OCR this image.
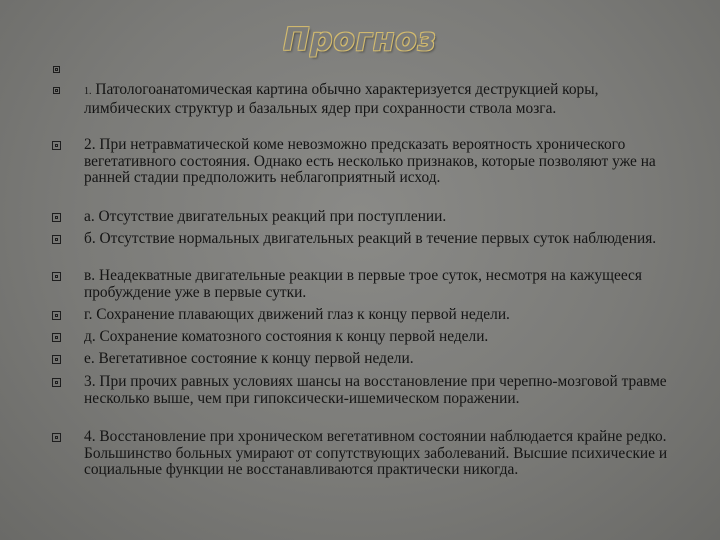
Прогноз
1. Патологоанатомическая картина обычно характеризуется деструкцией коры, лимбических структур и базальных ядер при сохранности ствола мозга.
2. При нетравматической коме невозможно предсказать вероятность хронического вегетативного состояния. Однако есть несколько признаков, которые позволяют уже на ранней стадии предположить неблагоприятный исход.
а. Отсутствие двигательных реакций при поступлении.
б. Отсутствие нормальных двигательных реакций в течение первых суток наблюдения.
в. Неадекватные двигательные реакции в первые трое суток, несмотря на кажущееся пробуждение уже в первые сутки.
г. Сохранение плавающих движений глаз к концу первой недели.
д. Сохранение коматозного состояния к концу первой недели.
е. Вегетативное состояние к концу первой недели.
3. При прочих равных условиях шансы на восстановление при черепно-мозговой травме несколько выше, чем при гипоксически-ишемическом поражении.
4. Восстановление при хроническом вегетативном состоянии наблюдается крайне редко. Большинство больных умирают от сопутствующих заболеваний. Высшие психические и социальные функции не восстанавливаются практически никогда.
